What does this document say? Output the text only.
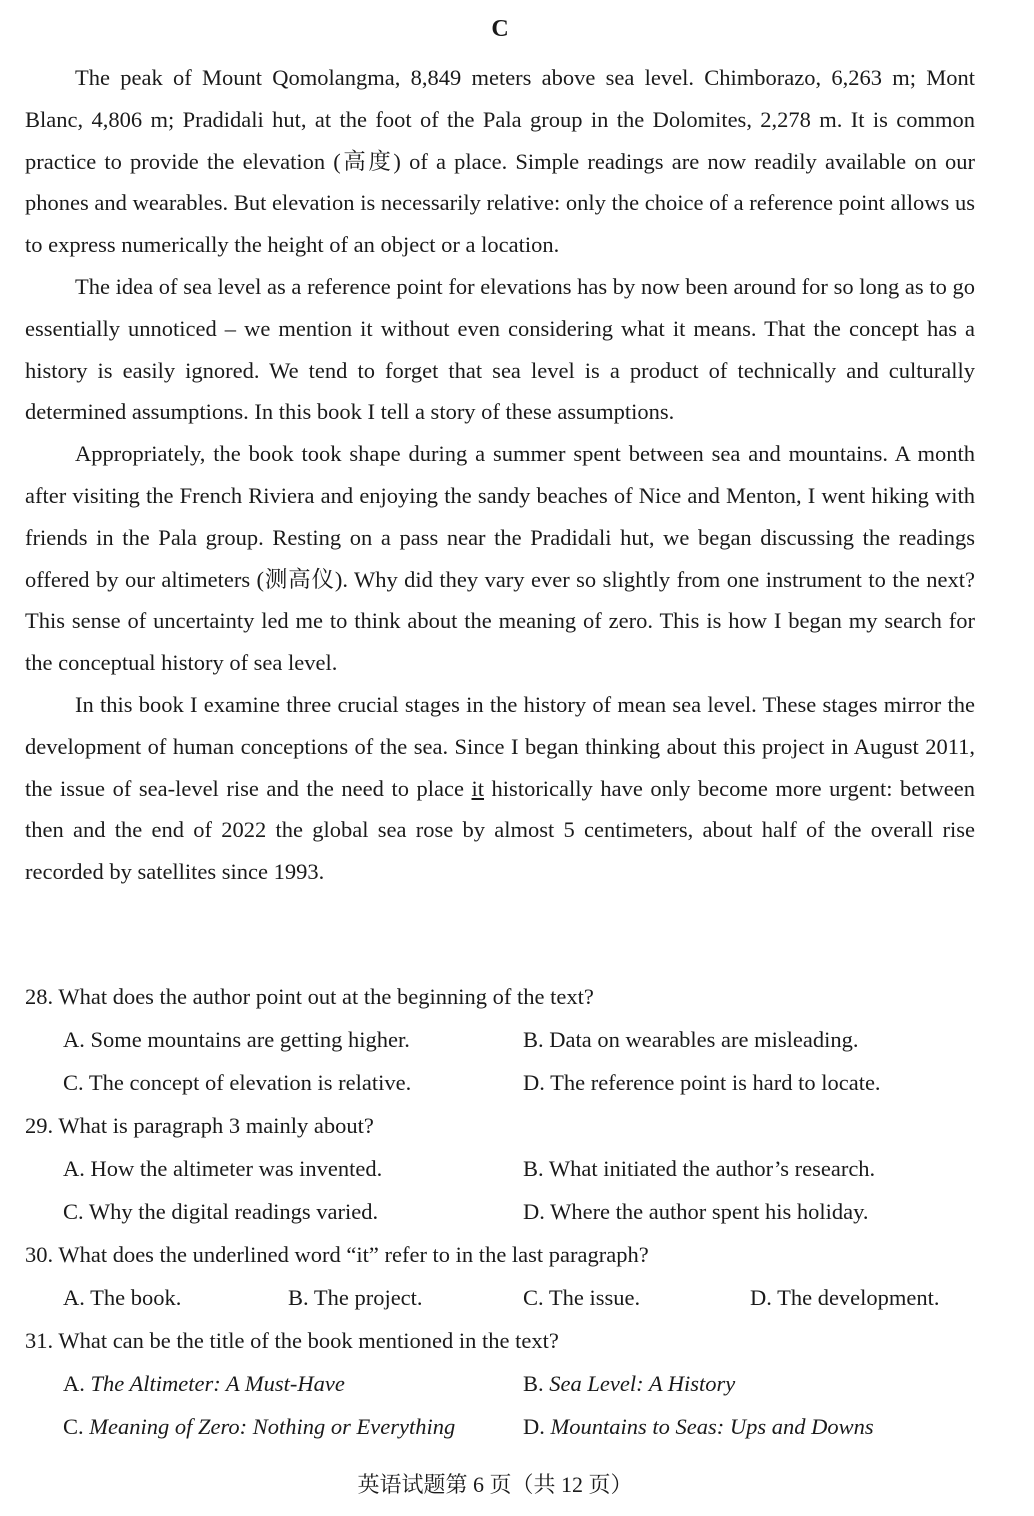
C

The peak of Mount Qomolangma, 8,849 meters above sea level. Chimborazo, 6,263 m; Mont Blanc, 4,806 m; Pradidali hut, at the foot of the Pala group in the Dolomites, 2,278 m. It is common practice to provide the elevation (高度) of a place. Simple readings are now readily available on our phones and wearables. But elevation is necessarily relative: only the choice of a reference point allows us to express numerically the height of an object or a location.

The idea of sea level as a reference point for elevations has by now been around for so long as to go essentially unnoticed – we mention it without even considering what it means. That the concept has a history is easily ignored. We tend to forget that sea level is a product of technically and culturally determined assumptions. In this book I tell a story of these assumptions.

Appropriately, the book took shape during a summer spent between sea and mountains. A month after visiting the French Riviera and enjoying the sandy beaches of Nice and Menton, I went hiking with friends in the Pala group. Resting on a pass near the Pradidali hut, we began discussing the readings offered by our altimeters (测高仪). Why did they vary ever so slightly from one instrument to the next? This sense of uncertainty led me to think about the meaning of zero. This is how I began my search for the conceptual history of sea level.

In this book I examine three crucial stages in the history of mean sea level. These stages mirror the development of human conceptions of the sea. Since I began thinking about this project in August 2011, the issue of sea-level rise and the need to place it historically have only become more urgent: between then and the end of 2022 the global sea rose by almost 5 centimeters, about half of the overall rise recorded by satellites since 1993.

28. What does the author point out at the beginning of the text?

A. Some mountains are getting higher.	B. Data on wearables are misleading.
C. The concept of elevation is relative.	D. The reference point is hard to locate.

29. What is paragraph 3 mainly about?

A. How the altimeter was invented.	B. What initiated the author’s research.
C. Why the digital readings varied.	D. Where the author spent his holiday.

30. What does the underlined word “it” refer to in the last paragraph?

A. The book.	B. The project.	C. The issue.	D. The development.

31. What can be the title of the book mentioned in the text?

A. The Altimeter: A Must-Have	B. Sea Level: A History
C. Meaning of Zero: Nothing or Everything	D. Mountains to Seas: Ups and Downs
英语试题第 6 页（共 12 页）
